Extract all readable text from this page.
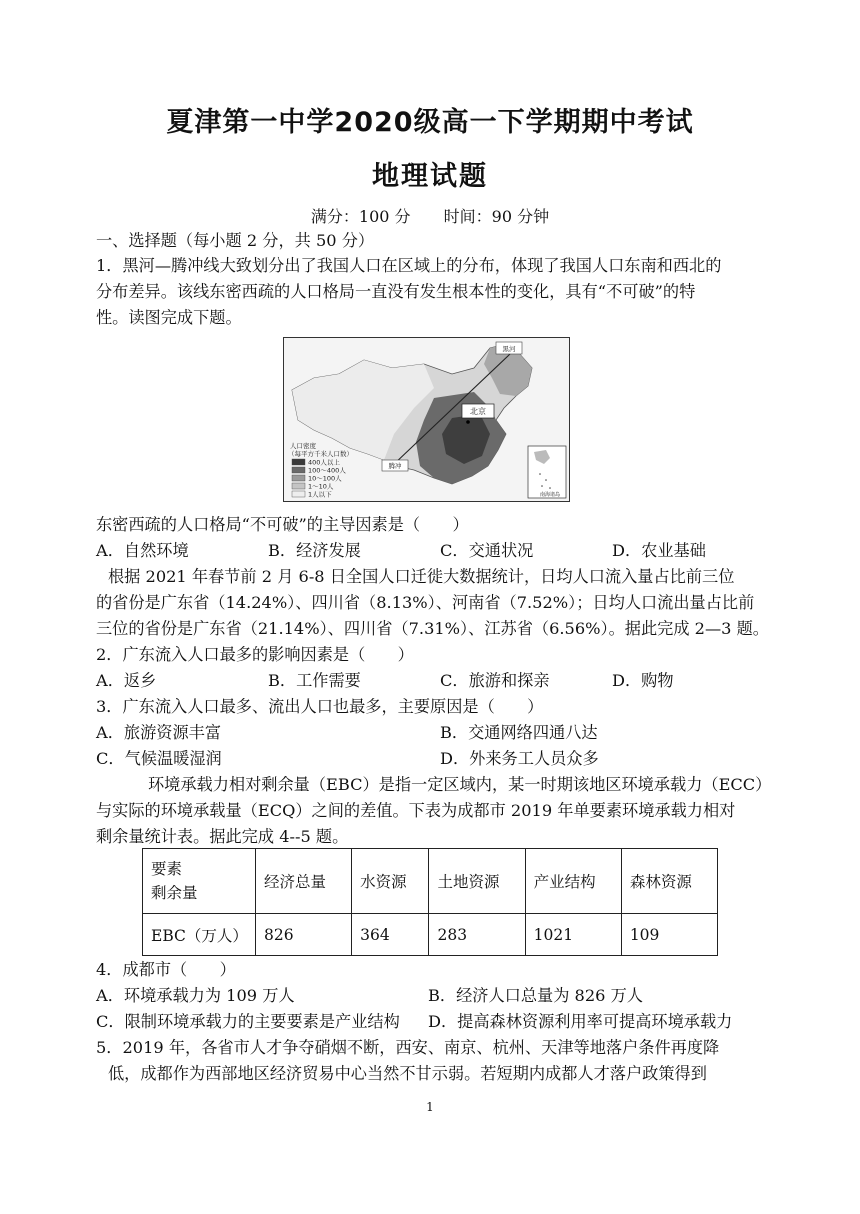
夏津第一中学2020级高一下学期期中考试
地理试题
满分：100 分 时间：90 分钟
一、选择题（每小题 2 分，共 50 分）
1．黑河—腾冲线大致划分出了我国人口在区域上的分布，体现了我国人口东南和西北的
分布差异。该线东密西疏的人口格局一直没有发生根本性的变化，具有“不可破”的特
性。读图完成下题。
黑河
北京
腾冲
人口密度
（每平方千米人口数）
400人以上
100～400人
10～100人
1～10人
1人以下	南海诸岛
东密西疏的人口格局“不可破”的主导因素是（　　）
A．自然环境	B．经济发展	C．交通状况	D．农业基础
根据 2021 年春节前 2 月 6-8 日全国人口迁徙大数据统计，日均人口流入量占比前三位
的省份是广东省（14.24%）、四川省（8.13%）、河南省（7.52%）；日均人口流出量占比前
三位的省份是广东省（21.14%）、四川省（7.31%）、江苏省（6.56%）。据此完成 2—3 题。
2．广东流入人口最多的影响因素是（　　）
A．返乡	B．工作需要	C．旅游和探亲	D．购物
3．广东流入人口最多、流出人口也最多，主要原因是（　　）
A．旅游资源丰富	B．交通网络四通八达
C．气候温暖湿润	D．外来务工人员众多
环境承载力相对剩余量（EBC）是指一定区域内，某一时期该地区环境承载力（ECC）
与实际的环境承载量（ECQ）之间的差值。下表为成都市 2019 年单要素环境承载力相对
剩余量统计表。据此完成 4--5 题。
要素
剩余量	经济总量	水资源	土地资源	产业结构	森林资源
EBC（万人）	826	364	283	1021	109
4．成都市（　　）
A．环境承载力为 109 万人	B．经济人口总量为 826 万人
C．限制环境承载力的主要要素是产业结构 D．提高森林资源利用率可提高环境承载力
5．2019 年，各省市人才争夺硝烟不断，西安、南京、杭州、天津等地落户条件再度降
低，成都作为西部地区经济贸易中心当然不甘示弱。若短期内成都人才落户政策得到
1
